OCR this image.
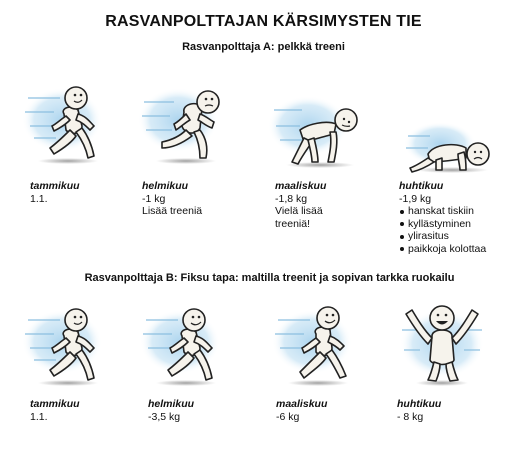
RASVANPOLTTAJAN KÄRSIMYSTEN TIE
Rasvanpolttaja A: pelkkä treeni
Rasvanpolttaja B: Fiksu tapa: maltilla treenit ja sopivan tarkka ruokailu
tammikuu
1.1.
helmikuu
-1 kg
Lisää treeniä
maaliskuu
-1,8 kg
Vielä lisää
treeniä!
huhtikuu
-1,9 kg
hanskat tiskiin
kyllästyminen
ylirasitus
paikkoja kolottaa
tammikuu
1.1.
helmikuu
-3,5 kg
maaliskuu
-6 kg
huhtikuu
- 8 kg
